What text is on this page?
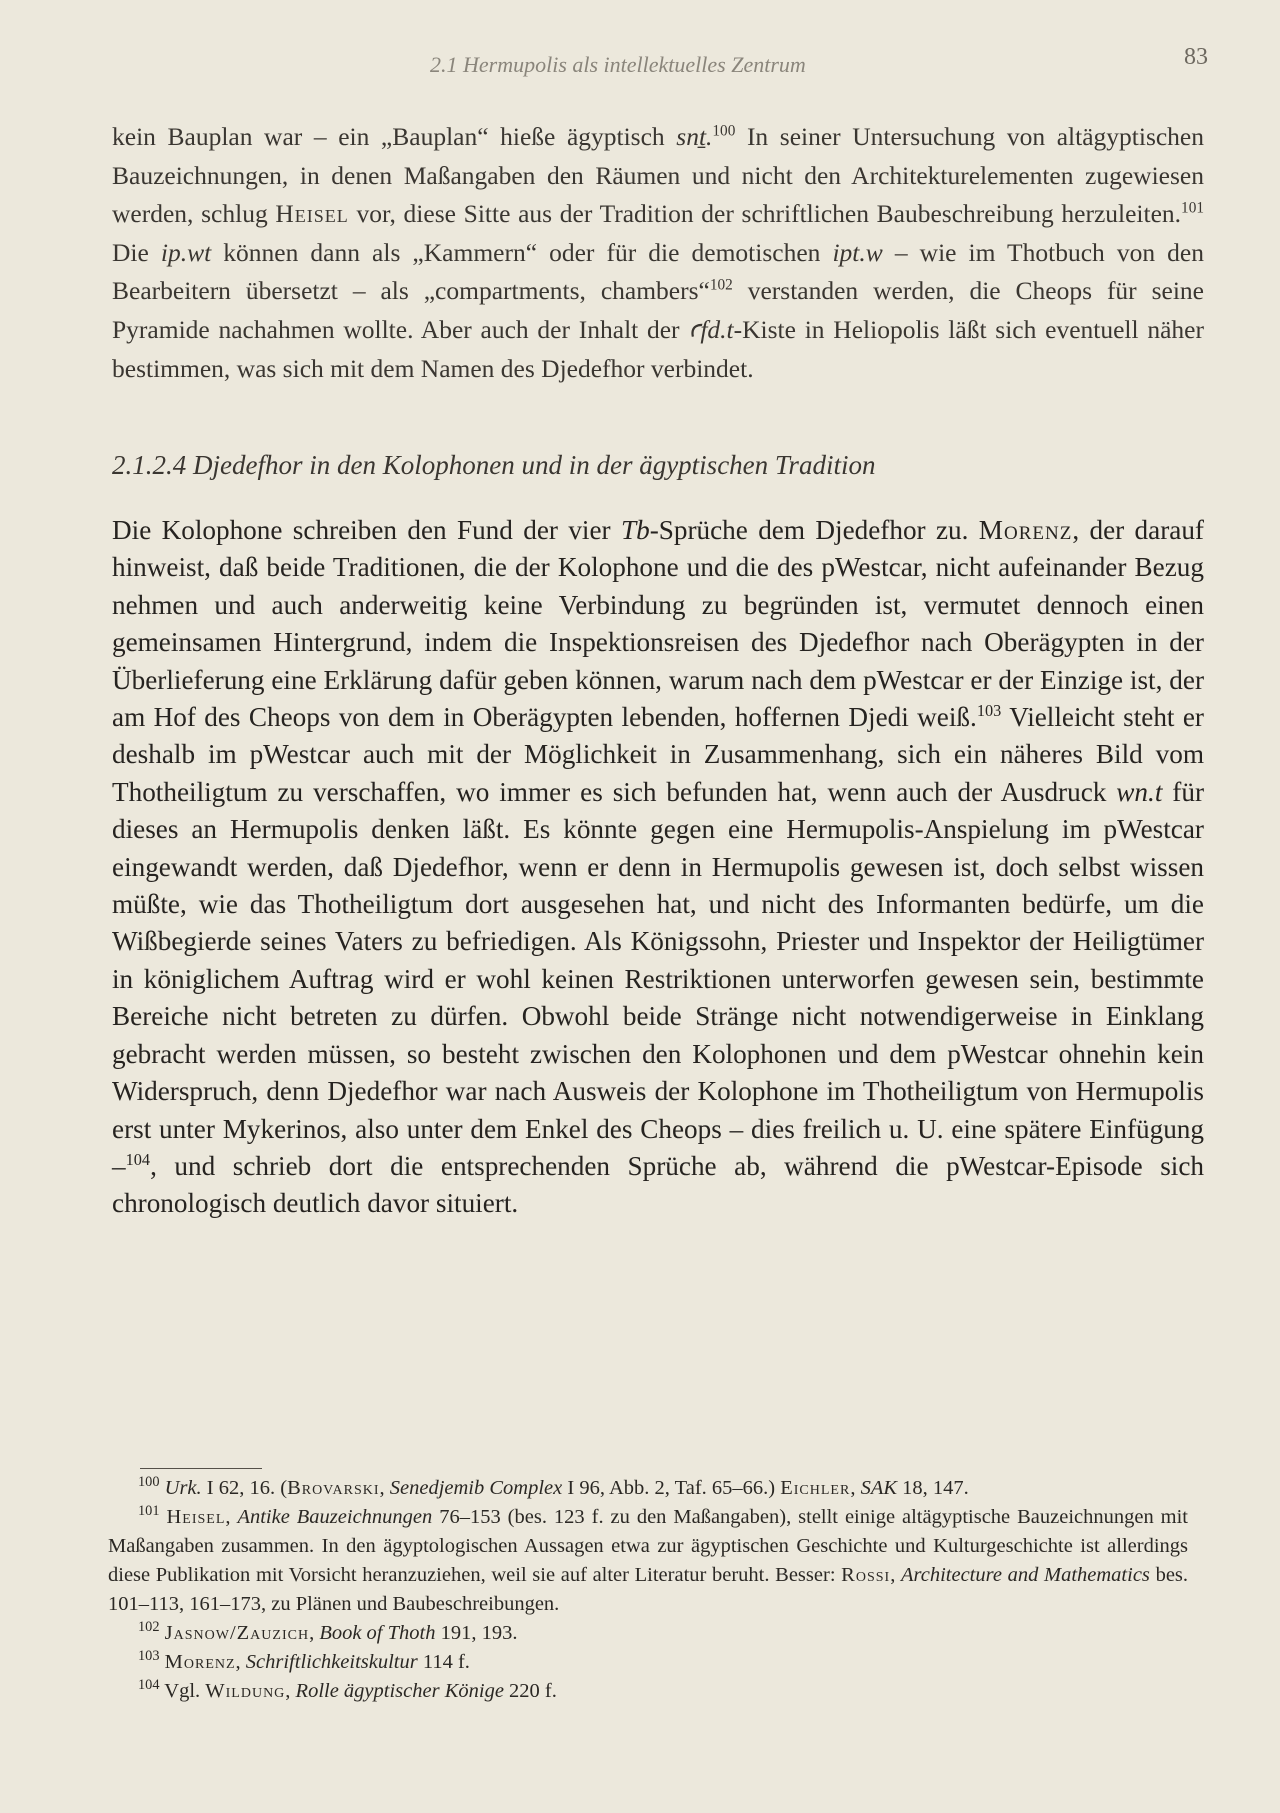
2.1 Hermupolis als intellektuelles Zentrum	83

kein Bauplan war – ein „Bauplan“ hieße ägyptisch snṯ.$^{100}$ In seiner Untersuchung von altägyptischen Bauzeichnungen, in denen Maßangaben den Räumen und nicht den Architekturelementen zugewiesen werden, schlug Heisel vor, diese Sitte aus der Tradition der schriftlichen Baubeschreibung herzuleiten.$^{101}$ Die ip.wt können dann als „Kammern“ oder für die demotischen ipt.w – wie im Thotbuch von den Bearbeitern übersetzt – als „compartments, chambers“$^{102}$ verstanden werden, die Cheops für seine Pyramide nachahmen wollte. Aber auch der Inhalt der ꜥfd.t-Kiste in Heliopolis läßt sich eventuell näher bestimmen, was sich mit dem Namen des Djedefhor verbindet.

2.1.2.4 Djedefhor in den Kolophonen und in der ägyptischen Tradition

Die Kolophone schreiben den Fund der vier Tb-Sprüche dem Djedefhor zu. Morenz, der darauf hinweist, daß beide Traditionen, die der Kolophone und die des pWestcar, nicht aufeinander Bezug nehmen und auch anderweitig keine Verbindung zu begründen ist, vermutet dennoch einen gemeinsamen Hintergrund, indem die Inspektionsreisen des Djedefhor nach Oberägypten in der Überlieferung eine Erklärung dafür geben können, warum nach dem pWestcar er der Einzige ist, der am Hof des Cheops von dem in Oberägypten lebenden, hoffernen Djedi weiß.$^{103}$ Vielleicht steht er deshalb im pWestcar auch mit der Möglichkeit in Zusammenhang, sich ein näheres Bild vom Thotheiligtum zu verschaffen, wo immer es sich befunden hat, wenn auch der Ausdruck wn.t für dieses an Hermupolis denken läßt. Es könnte gegen eine Hermupolis-Anspielung im pWestcar eingewandt werden, daß Djedefhor, wenn er denn in Hermupolis gewesen ist, doch selbst wissen müßte, wie das Thotheiligtum dort ausgesehen hat, und nicht des Informanten bedürfe, um die Wißbegierde seines Vaters zu befriedigen. Als Königssohn, Priester und Inspektor der Heiligtümer in königlichem Auftrag wird er wohl keinen Restriktionen unterworfen gewesen sein, bestimmte Bereiche nicht betreten zu dürfen. Obwohl beide Stränge nicht notwendigerweise in Einklang gebracht werden müssen, so besteht zwischen den Kolophonen und dem pWestcar ohnehin kein Widerspruch, denn Djedefhor war nach Ausweis der Kolophone im Thotheiligtum von Hermupolis erst unter Mykerinos, also unter dem Enkel des Cheops – dies freilich u. U. eine spätere Einfügung –$^{104}$, und schrieb dort die entsprechenden Sprüche ab, während die pWestcar-Episode sich chronologisch deutlich davor situiert.

$^{100}$ Urk. I 62, 16. (Brovarski, Senedjemib Complex I 96, Abb. 2, Taf. 65–66.) Eichler, SAK 18, 147.

$^{101}$ Heisel, Antike Bauzeichnungen 76–153 (bes. 123 f. zu den Maßangaben), stellt einige altägyptische Bauzeichnungen mit Maßangaben zusammen. In den ägyptologischen Aussagen etwa zur ägyptischen Geschichte und Kulturgeschichte ist allerdings diese Publikation mit Vorsicht heranzuziehen, weil sie auf alter Literatur beruht. Besser: Rossi, Architecture and Mathematics bes. 101–113, 161–173, zu Plänen und Baubeschreibungen.

$^{102}$ Jasnow/Zauzich, Book of Thoth 191, 193.

$^{103}$ Morenz, Schriftlichkeitskultur 114 f.

$^{104}$ Vgl. Wildung, Rolle ägyptischer Könige 220 f.
